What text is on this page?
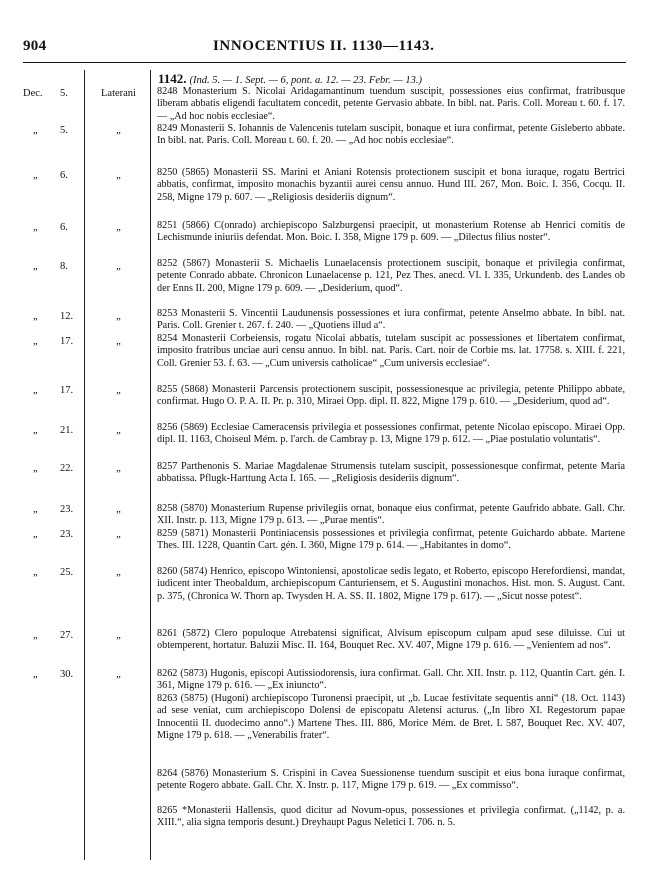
904	INNOCENTIUS II. 1130—1143.
1142. (Ind. 5. — 1. Sept. — 6, pont. a. 12. — 23. Febr. — 13.)
Dec. 5.	Laterani	8248 Monasterium S. Nicolai Aridagamantinum tuendum suscipit, possessiones eius confirmat, fratribusque liberam abbatis eligendi facultatem concedit, petente Gervasio abbate. In bibl. nat. Paris. Coll. Moreau t. 60. f. 17. — „Ad hoc nobis ecclesiae“.
„ 5.	„	8249 Monasterii S. Iohannis de Valencenis tutelam suscipit, bonaque et iura confirmat, petente Gisleberto abbate. In bibl. nat. Paris. Coll. Moreau t. 60. f. 20. — „Ad hoc nobis ecclesiae“.
„ 6.	„	8250 (5865) Monasterii SS. Marini et Aniani Rotensis protectionem suscipit et bona iuraque, rogatu Bertrici abbatis, confirmat, imposito monachis byzantii aurei censu annuo. Hund III. 267, Mon. Boic. I. 356, Cocqu. II. 258, Migne 179 p. 607. — „Religiosis desideriis dignum“.
„ 6.	„	8251 (5866) C(onrado) archiepiscopo Salzburgensi praecipit, ut monasterium Rotense ab Henrici comitis de Lechismunde iniuriis defendat. Mon. Boic. I. 358, Migne 179 p. 609. — „Dilectus filius noster“.
„ 8.	„	8252 (5867) Monasterii S. Michaelis Lunaelacensis protectionem suscipit, bonaque et privilegia confirmat, petente Conrado abbate. Chronicon Lunaelacense p. 121, Pez Thes. anecd. VI. I. 335, Urkundenb. des Landes ob der Enns II. 200, Migne 179 p. 609. — „Desiderium, quod“.
„ 12.	„	8253 Monasterii S. Vincentii Laudunensis possessiones et iura confirmat, petente Anselmo abbate. In bibl. nat. Paris. Coll. Grenier t. 267. f. 240. — „Quotiens illud a“.
„ 17.	„	8254 Monasterii Corbeiensis, rogatu Nicolai abbatis, tutelam suscipit ac possessiones et libertatem confirmat, imposito fratribus unciae auri censu annuo. In bibl. nat. Paris. Cart. noir de Corbie ms. lat. 17758. s. XIII. f. 221, Coll. Grenier 53. f. 63. — „Cum universis catholicae“ „Cum universis ecclesiae“.
„ 17.	„	8255 (5868) Monasterii Parcensis protectionem suscipit, possessionesque ac privilegia, petente Philippo abbate, confirmat. Hugo O. P. A. II. Pr. p. 310, Miraei Opp. dipl. II. 822, Migne 179 p. 610. — „Desiderium, quod ad“.
„ 21.	„	8256 (5869) Ecclesiae Cameracensis privilegia et possessiones confirmat, petente Nicolao episcopo. Miraei Opp. dipl. II. 1163, Choiseul Mém. p. l'arch. de Cambray p. 13, Migne 179 p. 612. — „Piae postulatio voluntatis“.
„ 22.	„	8257 Parthenonis S. Mariae Magdalenae Strumensis tutelam suscipit, possessionesque confirmat, petente Maria abbatissa. Pflugk-Harttung Acta I. 165. — „Religiosis desideriis dignum“.
„ 23.	„	8258 (5870) Monasterium Rupense privilegiis ornat, bonaque eius confirmat, petente Gaufrido abbate. Gall. Chr. XII. Instr. p. 113, Migne 179 p. 613. — „Purae mentis“.
„ 23.	„	8259 (5871) Monasterii Pontiniacensis possessiones et privilegia confirmat, petente Guichardo abbate. Martene Thes. III. 1228, Quantin Cart. gén. I. 360, Migne 179 p. 614. — „Habitantes in domo“.
„ 25.	„	8260 (5874) Henrico, episcopo Wintoniensi, apostolicae sedis legato, et Roberto, episcopo Herefordiensi, mandat, iudicent inter Theobaldum, archiepiscopum Canturiensem, et S. Augustini monachos. Hist. mon. S. August. Cant. p. 375, (Chronica W. Thorn ap. Twysden H. A. SS. II. 1802, Migne 179 p. 617). — „Sicut nosse potest“.
„ 27.	„	8261 (5872) Clero populoque Atrebatensi significat, Alvisum episcopum culpam apud sese diluisse. Cui ut obtemperent, hortatur. Baluzii Misc. II. 164, Bouquet Rec. XV. 407, Migne 179 p. 616. — „Venientem ad nos“.
„ 30.	„	8262 (5873) Hugonis, episcopi Autissiodorensis, iura confirmat. Gall. Chr. XII. Instr. p. 112, Quantin Cart. gén. I. 361, Migne 179 p. 616. — „Ex iniuncto“.
8263 (5875) (Hugoni) archiepiscopo Turonensi praecipit, ut „b. Lucae festivitate sequentis anni“ (18. Oct. 1143) ad sese veniat, cum archiepiscopo Dolensi de episcopatu Aletensi acturus. („In libro XI. Regestorum papae Innocentii II. duodecimo anno“.) Martene Thes. III. 886, Morice Mém. de Bret. I. 587, Bouquet Rec. XV. 407, Migne 179 p. 618. — „Venerabilis frater“.
8264 (5876) Monasterium S. Crispini in Cavea Suessionense tuendum suscipit et eius bona iuraque confirmat, petente Rogero abbate. Gall. Chr. X. Instr. p. 117, Migne 179 p. 619. — „Ex commisso“.
8265 *Monasterii Hallensis, quod dicitur ad Novum-opus, possessiones et privilegia confirmat. („1142, p. a. XIII.“, alia signa temporis desunt.) Dreyhaupt Pagus Neletici I. 706. n. 5.
